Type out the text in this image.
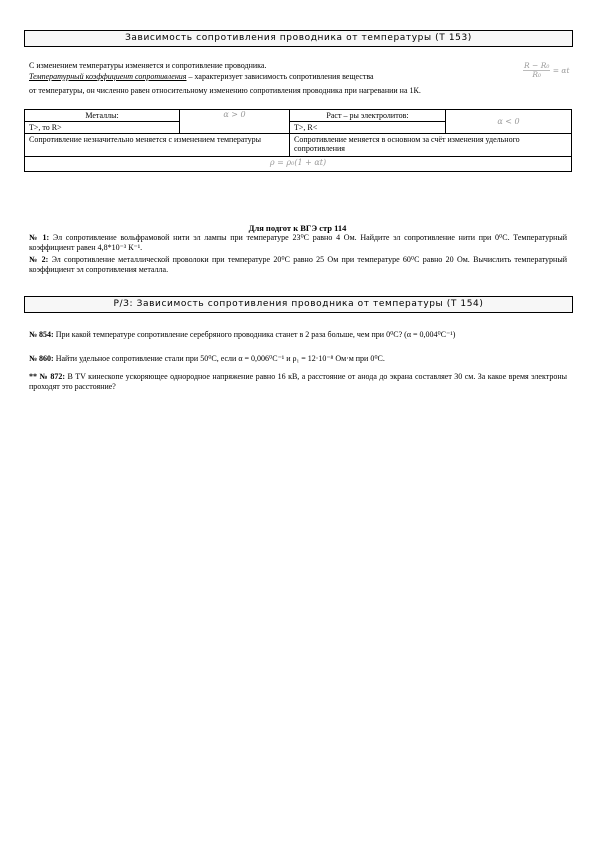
Зависимость сопротивления проводника от температуры (Т 153)
С изменением температуры изменяется и сопротивление проводника.
Температурный коэффициент сопротивления – характеризует зависимость сопротивления вещества
от температуры, он численно равен относительному изменению сопротивления проводника при нагревании на 1К.
$\frac{\text{R − R₀}}{\text{R₀}} = \alpha t$
Металлы:	α > 0	Раст – ры электролитов:	α < 0
Т>, то R>		Т>, R<	
Сопротивление незначительно меняется с изменением температуры		Сопротивление меняется в основном за счёт изменения удельного сопротивления	
ρ = ρ₀(1 + αt)			
Для подгот к ВГЭ стр 114
№ 1: Эл сопротивление вольфрамовой нити эл лампы при температуре 23⁰С равно 4 Ом. Найдите эл сопротивление нити при 0⁰С. Температурный коэффициент равен 4,8*10⁻³ К⁻¹.
№ 2: Эл сопротивление металлической проволоки при температуре 20⁰С равно 25 Ом при температуре 60⁰С равно 20 Ом. Вычислить температурный коэффициент эл сопротивления металла.
Р/З: Зависимость сопротивления проводника от температуры (Т 154)
№ 854: При какой температуре сопротивление серебряного проводника станет в 2 раза больше, чем при 0⁰С? (α = 0,004⁰С⁻¹)
№ 860: Найти удельное сопротивление стали при 50⁰С, если α = 0,006⁰С⁻¹ и ρ₁ = 12⋅10⁻⁸ Ом⋅м при 0⁰С.
** № 872: В TV кинескопе ускоряющее однородное напряжение равно 16 кВ, а расстояние от анода до экрана составляет 30 см. За какое время электроны проходят это расстояние?
